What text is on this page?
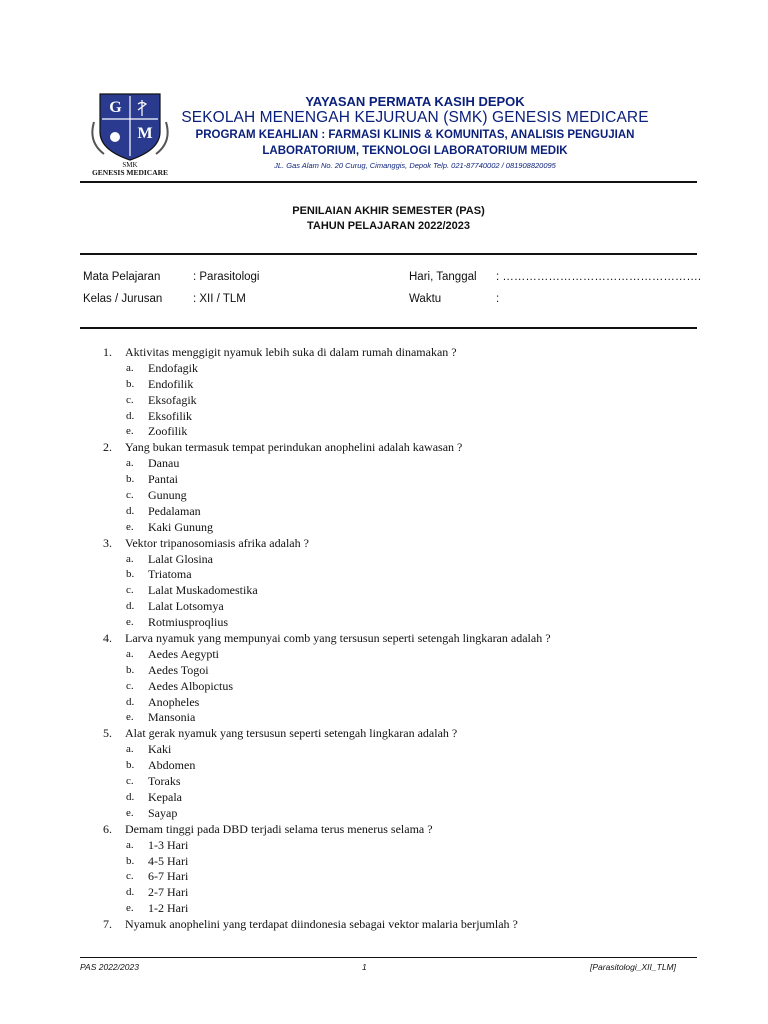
G
M
SMK
GENESIS MEDICARE
YAYASAN PERMATA KASIH DEPOK
SEKOLAH MENENGAH KEJURUAN (SMK) GENESIS MEDICARE
PROGRAM KEAHLIAN : FARMASI KLINIS & KOMUNITAS, ANALISIS PENGUJIAN
LABORATORIUM, TEKNOLOGI LABORATORIUM MEDIK
JL. Gas Alam No. 20 Curug, Cimanggis, Depok Telp. 021-87740002 / 081908820095
PENILAIAN AKHIR SEMESTER (PAS)
TAHUN PELAJARAN 2022/2023
Mata Pelajaran	: Parasitologi	Hari, Tanggal : …………………………………………….
Kelas / Jurusan	: XII / TLM	Waktu	:
1. Aktivitas menggigit nyamuk lebih suka di dalam rumah dinamakan ?
a. Endofagik
b. Endofilik
c. Eksofagik
d. Eksofilik
e. Zoofilik
2. Yang bukan termasuk tempat perindukan anophelini adalah kawasan ?
a. Danau
b. Pantai
c. Gunung
d. Pedalaman
e. Kaki Gunung
3. Vektor tripanosomiasis afrika adalah ?
a. Lalat Glosina
b. Triatoma
c. Lalat Muskadomestika
d. Lalat Lotsomya
e. Rotmiusproqlius
4. Larva nyamuk yang mempunyai comb yang tersusun seperti setengah lingkaran adalah ?
a. Aedes Aegypti
b. Aedes Togoi
c. Aedes Albopictus
d. Anopheles
e. Mansonia
5. Alat gerak nyamuk yang tersusun seperti setengah lingkaran adalah ?
a. Kaki
b. Abdomen
c. Toraks
d. Kepala
e. Sayap
6. Demam tinggi pada DBD terjadi selama terus menerus selama ?
a. 1-3 Hari
b. 4-5 Hari
c. 6-7 Hari
d. 2-7 Hari
e. 1-2 Hari
7. Nyamuk anophelini yang terdapat diindonesia sebagai vektor malaria berjumlah ?
PAS 2022/2023	1	[Parasitologi_XII_TLM]
